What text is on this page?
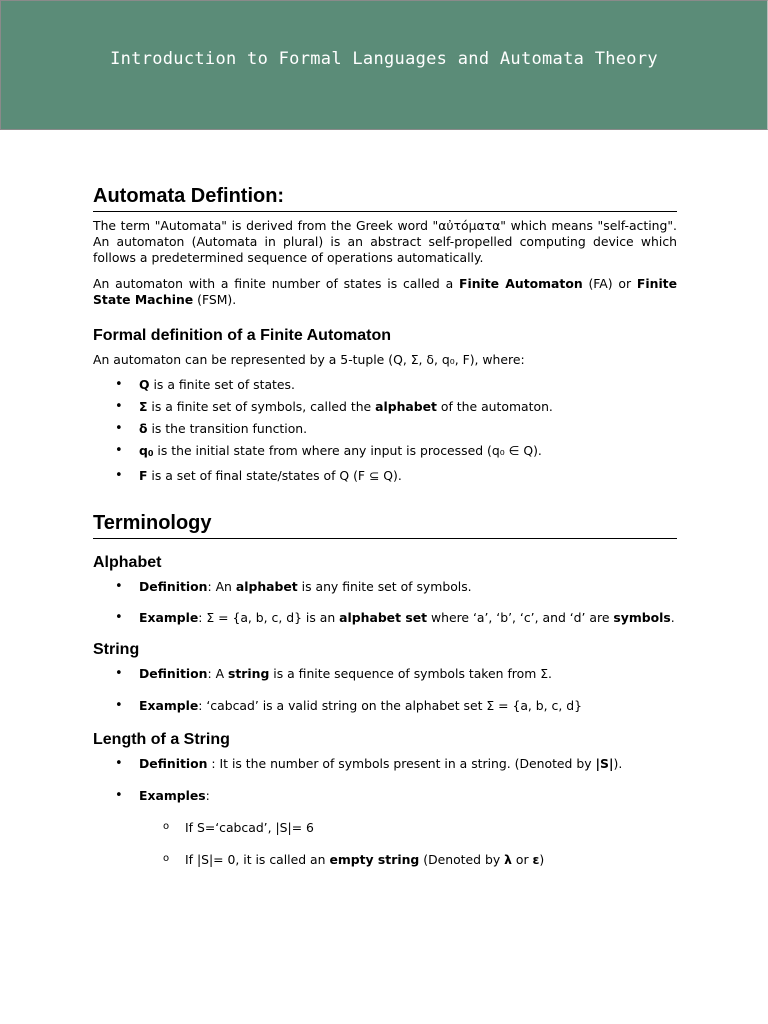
Introduction to Formal Languages and Automata Theory
Automata Defintion:

The term "Automata" is derived from the Greek word "αὐτόματα" which means "self-acting". An automaton (Automata in plural) is an abstract self-propelled computing device which follows a predetermined sequence of operations automatically.

An automaton with a finite number of states is called a Finite Automaton (FA) or Finite State Machine (FSM).

Formal definition of a Finite Automaton

An automaton can be represented by a 5-tuple (Q, Σ, δ, q₀, F), where:

• Q is a finite set of states.
• Σ is a finite set of symbols, called the alphabet of the automaton.
• δ is the transition function.
• $q_0$ is the initial state from where any input is processed (q₀ ∈ Q).
• F is a set of final state/states of Q (F ⊆ Q).
Terminology
Alphabet
• Definition: An alphabet is any finite set of symbols.
• Example: Σ = {a, b, c, d} is an alphabet set where ‘a’, ‘b’, ‘c’, and ‘d’ are symbols.
String
• Definition: A string is a finite sequence of symbols taken from Σ.
• Example: ‘cabcad’ is a valid string on the alphabet set Σ = {a, b, c, d}
Length of a String
• Definition : It is the number of symbols present in a string. (Denoted by |S|).
• Examples:
o If S=‘cabcad’, |S|= 6
o If |S|= 0, it is called an empty string (Denoted by λ or ε)
